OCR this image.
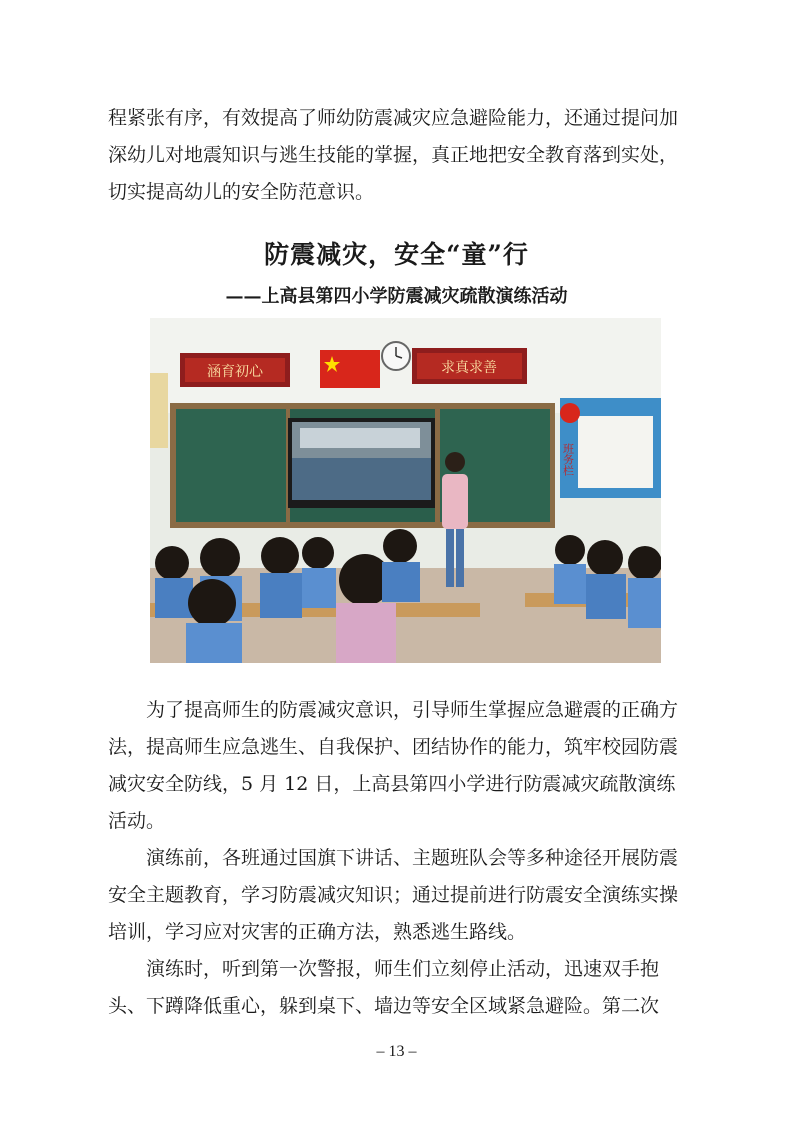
程紧张有序，有效提高了师幼防震减灾应急避险能力，还通过提问加深幼儿对地震知识与逃生技能的掌握，真正地把安全教育落到实处，切实提高幼儿的安全防范意识。

防震减灾，安全“童”行
——上高县第四小学防震减灾疏散演练活动
涵育初心	求真求善
班务栏

为了提高师生的防震减灾意识，引导师生掌握应急避震的正确方法，提高师生应急逃生、自我保护、团结协作的能力，筑牢校园防震减灾安全防线，5 月 12 日，上高县第四小学进行防震减灾疏散演练活动。

演练前，各班通过国旗下讲话、主题班队会等多种途径开展防震安全主题教育，学习防震减灾知识；通过提前进行防震安全演练实操培训，学习应对灾害的正确方法，熟悉逃生路线。

演练时，听到第一次警报，师生们立刻停止活动，迅速双手抱头、下蹲降低重心，躲到桌下、墙边等安全区域紧急避险。第二次

– 13 –
